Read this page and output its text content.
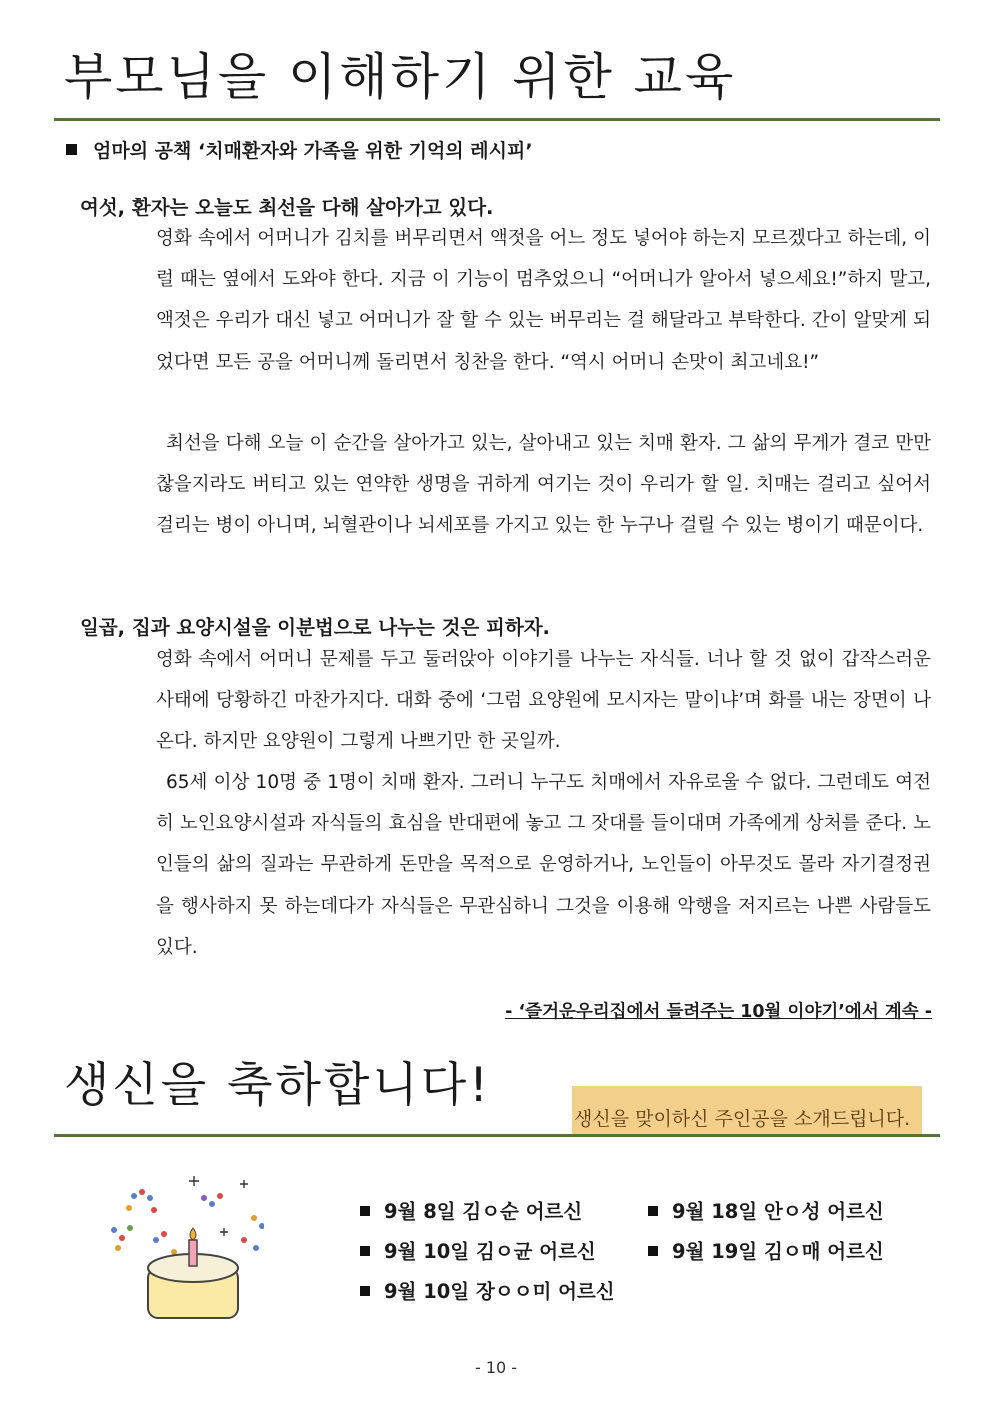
부모님을 이해하기 위한 교육
엄마의 공책 ‘치매환자와 가족을 위한 기억의 레시피’
여섯, 환자는 오늘도 최선을 다해 살아가고 있다.

영화 속에서 어머니가 김치를 버무리면서 액젓을 어느 정도 넣어야 하는지 모르겠다고 하는데, 이럴 때는 옆에서 도와야 한다. 지금 이 기능이 멈추었으니 “어머니가 알아서 넣으세요!”하지 말고, 액젓은 우리가 대신 넣고 어머니가 잘 할 수 있는 버무리는 걸 해달라고 부탁한다. 간이 알맞게 되었다면 모든 공을 어머니께 돌리면서 칭찬을 한다. “역시 어머니 손맛이 최고네요!”

최선을 다해 오늘 이 순간을 살아가고 있는, 살아내고 있는 치매 환자. 그 삶의 무게가 결코 만만찮을지라도 버티고 있는 연약한 생명을 귀하게 여기는 것이 우리가 할 일. 치매는 걸리고 싶어서 걸리는 병이 아니며, 뇌혈관이나 뇌세포를 가지고 있는 한 누구나 걸릴 수 있는 병이기 때문이다.

일곱, 집과 요양시설을 이분법으로 나누는 것은 피하자.

영화 속에서 어머니 문제를 두고 둘러앉아 이야기를 나누는 자식들. 너나 할 것 없이 갑작스러운 사태에 당황하긴 마찬가지다. 대화 중에 ‘그럼 요양원에 모시자는 말이냐’며 화를 내는 장면이 나온다. 하지만 요양원이 그렇게 나쁘기만 한 곳일까.

65세 이상 10명 중 1명이 치매 환자. 그러니 누구도 치매에서 자유로울 수 없다. 그런데도 여전히 노인요양시설과 자식들의 효심을 반대편에 놓고 그 잣대를 들이대며 가족에게 상처를 준다. 노인들의 삶의 질과는 무관하게 돈만을 목적으로 운영하거나, 노인들이 아무것도 몰라 자기결정권을 행사하지 못 하는데다가 자식들은 무관심하니 그것을 이용해 악행을 저지르는 나쁜 사람들도 있다.

- ‘즐거운우리집에서 들려주는 10월 이야기’에서 계속 -
생신을 축하합니다!
생신을 맞이하신 주인공을 소개드립니다.
9월 8일 김ㅇ순 어르신
9월 10일 김ㅇ균 어르신
9월 10일 장ㅇㅇ미 어르신
9월 18일 안ㅇ성 어르신
9월 19일 김ㅇ매 어르신
- 10 -
